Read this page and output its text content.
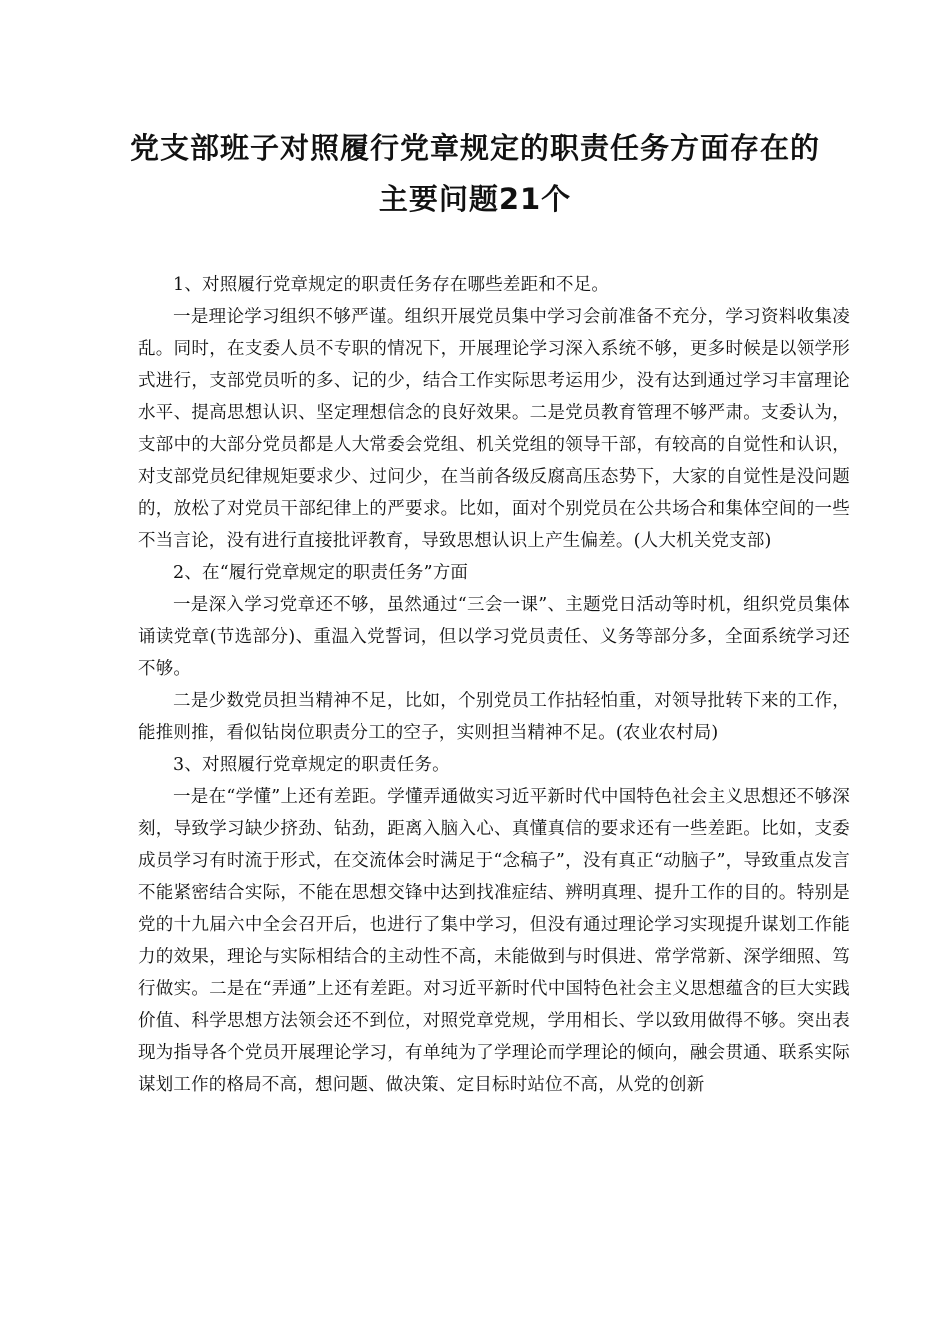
党支部班子对照履行党章规定的职责任务方面存在的主要问题21个

1、对照履行党章规定的职责任务存在哪些差距和不足。

一是理论学习组织不够严谨。组织开展党员集中学习会前准备不充分，学习资料收集凌乱。同时，在支委人员不专职的情况下，开展理论学习深入系统不够，更多时候是以领学形式进行，支部党员听的多、记的少，结合工作实际思考运用少，没有达到通过学习丰富理论水平、提高思想认识、坚定理想信念的良好效果。二是党员教育管理不够严肃。支委认为，支部中的大部分党员都是人大常委会党组、机关党组的领导干部，有较高的自觉性和认识，对支部党员纪律规矩要求少、过问少，在当前各级反腐高压态势下，大家的自觉性是没问题的，放松了对党员干部纪律上的严要求。比如，面对个别党员在公共场合和集体空间的一些不当言论，没有进行直接批评教育，导致思想认识上产生偏差。(人大机关党支部)

2、在“履行党章规定的职责任务”方面

一是深入学习党章还不够，虽然通过“三会一课”、主题党日活动等时机，组织党员集体诵读党章(节选部分)、重温入党誓词，但以学习党员责任、义务等部分多，全面系统学习还不够。

二是少数党员担当精神不足，比如，个别党员工作拈轻怕重，对领导批转下来的工作，能推则推，看似钻岗位职责分工的空子，实则担当精神不足。(农业农村局)

3、对照履行党章规定的职责任务。

一是在“学懂”上还有差距。学懂弄通做实习近平新时代中国特色社会主义思想还不够深刻，导致学习缺少挤劲、钻劲，距离入脑入心、真懂真信的要求还有一些差距。比如，支委成员学习有时流于形式，在交流体会时满足于“念稿子”，没有真正“动脑子”，导致重点发言不能紧密结合实际，不能在思想交锋中达到找准症结、辨明真理、提升工作的目的。特别是党的十九届六中全会召开后，也进行了集中学习，但没有通过理论学习实现提升谋划工作能力的效果，理论与实际相结合的主动性不高，未能做到与时俱进、常学常新、深学细照、笃行做实。二是在“弄通”上还有差距。对习近平新时代中国特色社会主义思想蕴含的巨大实践价值、科学思想方法领会还不到位，对照党章党规，学用相长、学以致用做得不够。突出表现为指导各个党员开展理论学习，有单纯为了学理论而学理论的倾向，融会贯通、联系实际谋划工作的格局不高，想问题、做决策、定目标时站位不高，从党的创新
